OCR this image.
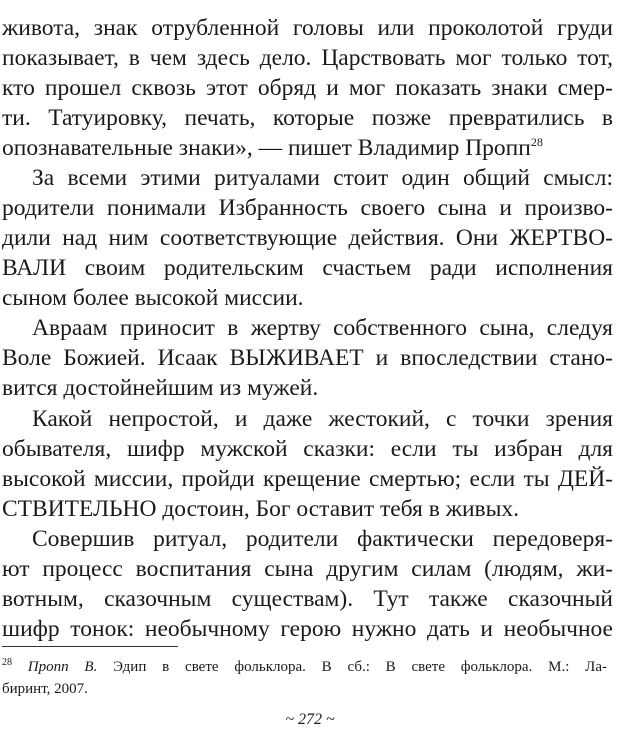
живота, знак отрубленной головы или проколотой груди
показывает, в чем здесь дело. Царствовать мог только тот,
кто прошел сквозь этот обряд и мог показать знаки смер-
ти. Татуировку, печать, которые позже превратились в
опознавательные знаки», — пишет Владимир Пропп$^{28}$
За всеми этими ритуалами стоит один общий смысл:
родители понимали Избранность своего сына и произво-
дили над ним соответствующие действия. Они ЖЕРТВО-
ВАЛИ своим родительским счастьем ради исполнения
сыном более высокой миссии.
Авраам приносит в жертву собственного сына, следуя
Воле Божией. Исаак ВЫЖИВАЕТ и впоследствии стано-
вится достойнейшим из мужей.
Какой непростой, и даже жестокий, с точки зрения
обывателя, шифр мужской сказки: если ты избран для
высокой миссии, пройди крещение смертью; если ты ДЕЙ-
СТВИТЕЛЬНО достоин, Бог оставит тебя в живых.
Совершив ритуал, родители фактически передоверя-
ют процесс воспитания сына другим силам (людям, жи-
вотным, сказочным существам). Тут также сказочный
шифр тонок: необычному герою нужно дать и необычное
$^{28}$ Пропп В. Эдип в свете фольклора. В сб.: В свете фольклора. М.: Ла-
биринт, 2007.
~ 272 ~
